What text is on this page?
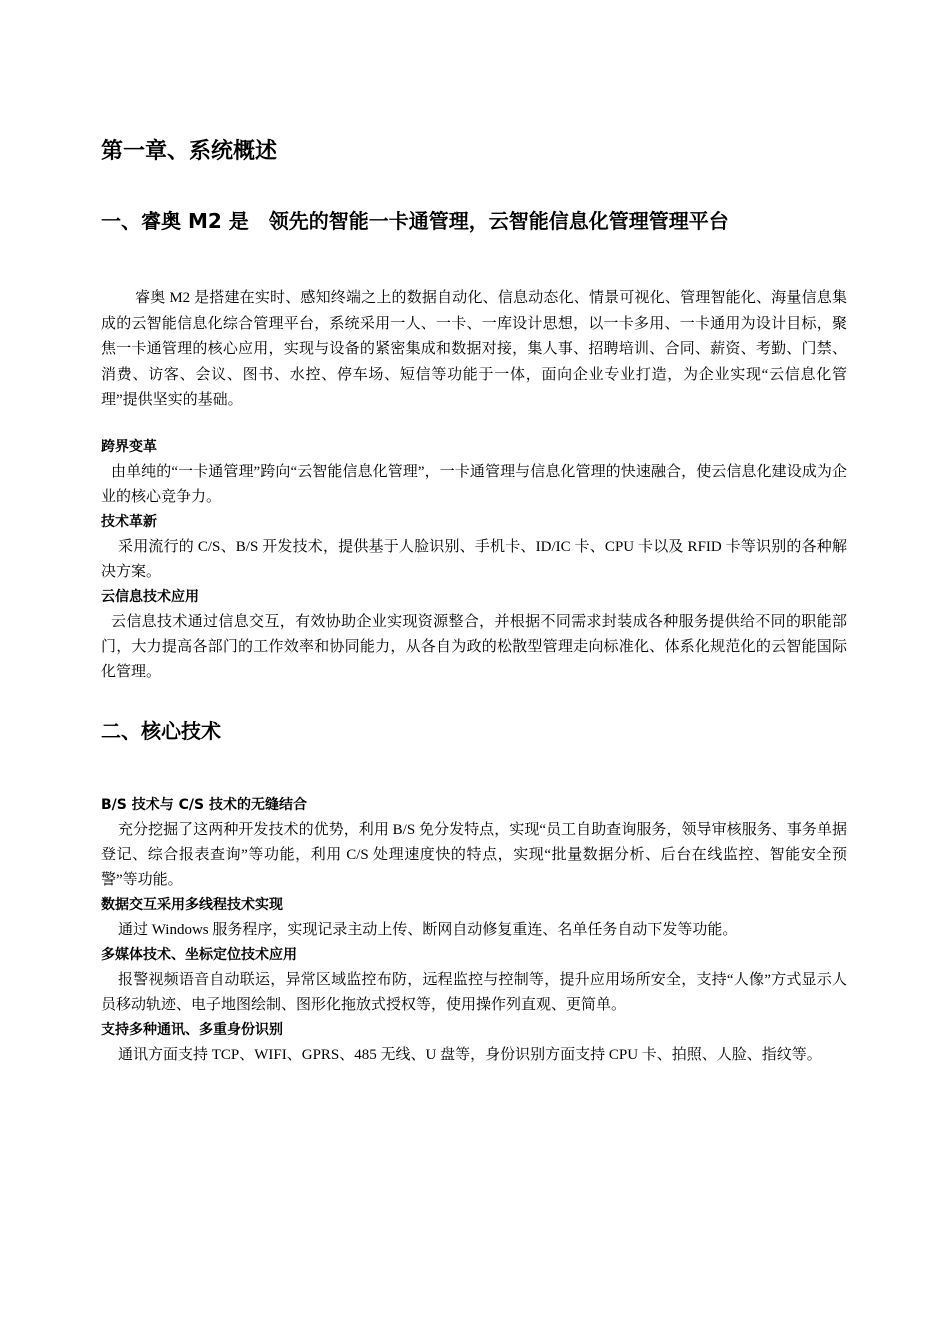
第一章、系统概述
一、睿奥 M2 是　领先的智能一卡通管理，云智能信息化管理管理平台

睿奥 M2 是搭建在实时、感知终端之上的数据自动化、信息动态化、情景可视化、管理智能化、海量信息集成的云智能信息化综合管理平台，系统采用一人、一卡、一库设计思想，以一卡多用、一卡通用为设计目标，聚焦一卡通管理的核心应用，实现与设备的紧密集成和数据对接，集人事、招聘培训、合同、薪资、考勤、门禁、消费、访客、会议、图书、水控、停车场、短信等功能于一体，面向企业专业打造，为企业实现“云信息化管理”提供坚实的基础。

跨界变革

由单纯的“一卡通管理”跨向“云智能信息化管理”，一卡通管理与信息化管理的快速融合，使云信息化建设成为企业的核心竞争力。

技术革新

采用流行的 C/S、B/S 开发技术，提供基于人脸识别、手机卡、ID/IC 卡、CPU 卡以及 RFID 卡等识别的各种解决方案。

云信息技术应用

云信息技术通过信息交互，有效协助企业实现资源整合，并根据不同需求封装成各种服务提供给不同的职能部门，大力提高各部门的工作效率和协同能力，从各自为政的松散型管理走向标准化、体系化规范化的云智能国际化管理。

二、核心技术

B/S 技术与 C/S 技术的无缝结合

充分挖掘了这两种开发技术的优势，利用 B/S 免分发特点，实现“员工自助查询服务，领导审核服务、事务单据登记、综合报表查询”等功能，利用 C/S 处理速度快的特点，实现“批量数据分析、后台在线监控、智能安全预警”等功能。

数据交互采用多线程技术实现

通过 Windows 服务程序，实现记录主动上传、断网自动修复重连、名单任务自动下发等功能。

多媒体技术、坐标定位技术应用

报警视频语音自动联运，异常区域监控布防，远程监控与控制等，提升应用场所安全，支持“人像”方式显示人员移动轨迹、电子地图绘制、图形化拖放式授权等，使用操作列直观、更简单。

支持多种通讯、多重身份识别

通讯方面支持 TCP、WIFI、GPRS、485 无线、U 盘等，身份识别方面支持 CPU 卡、拍照、人脸、指纹等。
